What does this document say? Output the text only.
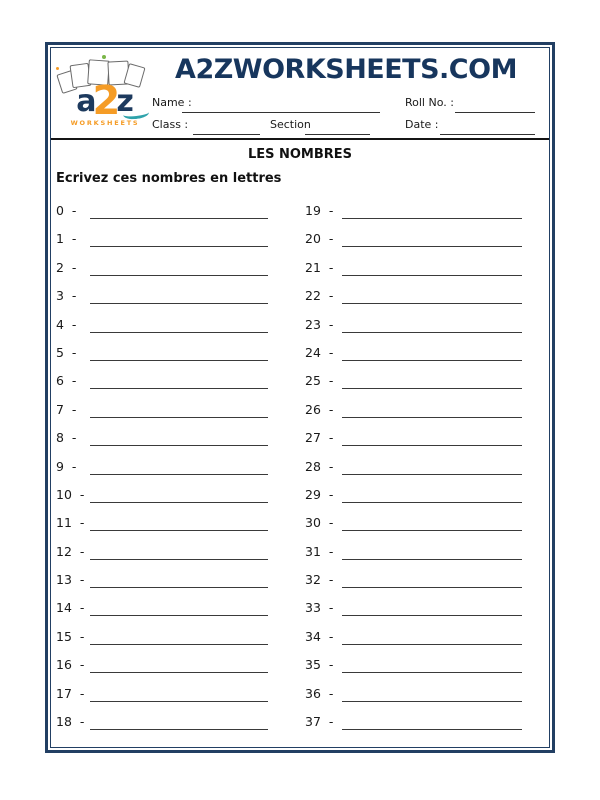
a2z
WORKSHEETS
A2ZWORKSHEETS.COM
Name :	Roll No. :
Class :	Section	Date :
LES NOMBRES
Ecrivez ces nombres en lettres
0  -	19  -
1  -	20  -
2  -	21  -
3  -	22  -
4  -	23  -
5  -	24  -
6  -	25  -
7  -	26  -
8  -	27  -
9  -	28  -
10  -	29  -
11  -	30  -
12  -	31  -
13  -	32  -
14  -	33  -
15  -	34  -
16  -	35  -
17  -	36  -
18  -	37  -
